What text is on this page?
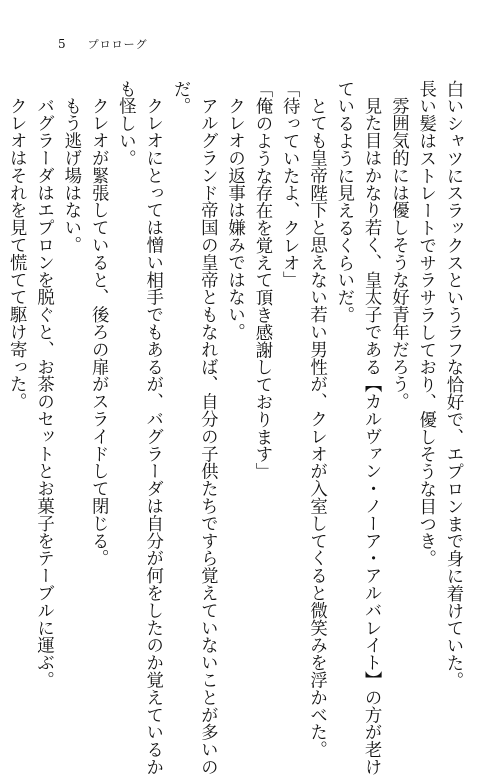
5 プロローグ
白いシャツにスラックスというラフな恰好で、エプロンまで身に着けていた。
長い髪はストレートでサラサラしており、優しそうな目つき。
雰囲気的には優しそうな好青年だろう。
見た目はかなり若く、皇太子である【カルヴァン・ノーア・アルバレイト】の方が老け
ているように見えるくらいだ。
とても皇帝陛下と思えない若い男性が、クレオが入室してくると微笑みを浮かべた。
「待っていたよ、クレオ」
「俺のような存在を覚えて頂き感謝しております」
クレオの返事は嫌みではない。
アルグランド帝国の皇帝ともなれば、自分の子供たちですら覚えていないことが多いの
だ。
クレオにとっては憎い相手でもあるが、バグラーダは自分が何をしたのか覚えているか
も怪しい。
クレオが緊張していると、後ろの扉がスライドして閉じる。
もう逃げ場はない。
バグラーダはエプロンを脱ぐと、お茶のセットとお菓子をテーブルに運ぶ。
クレオはそれを見て慌てて駆け寄った。
